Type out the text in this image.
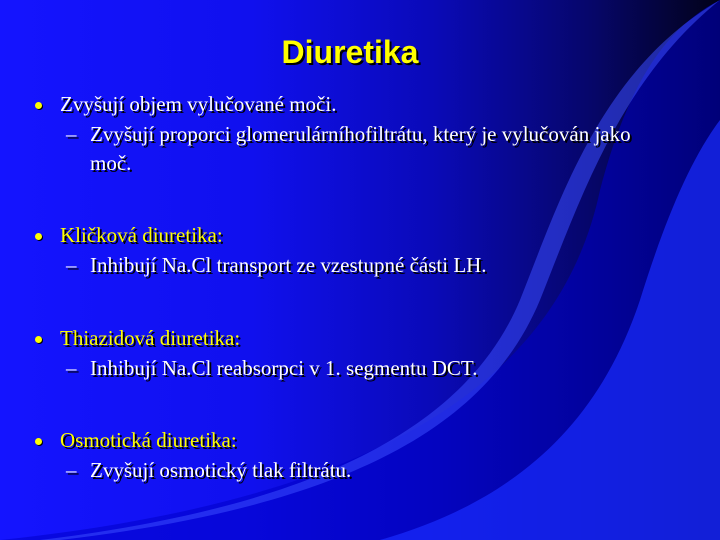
Diuretika
Zvyšují objem vylučované moči.
– Zvyšují proporci glomerulárníhofiltrátu, který je vylučován jako moč.
Kličková diuretika:
– Inhibují Na.Cl transport ze vzestupné části LH.
Thiazidová diuretika:
– Inhibují Na.Cl reabsorpci v 1. segmentu DCT.
Osmotická diuretika:
– Zvyšují osmotický tlak filtrátu.
